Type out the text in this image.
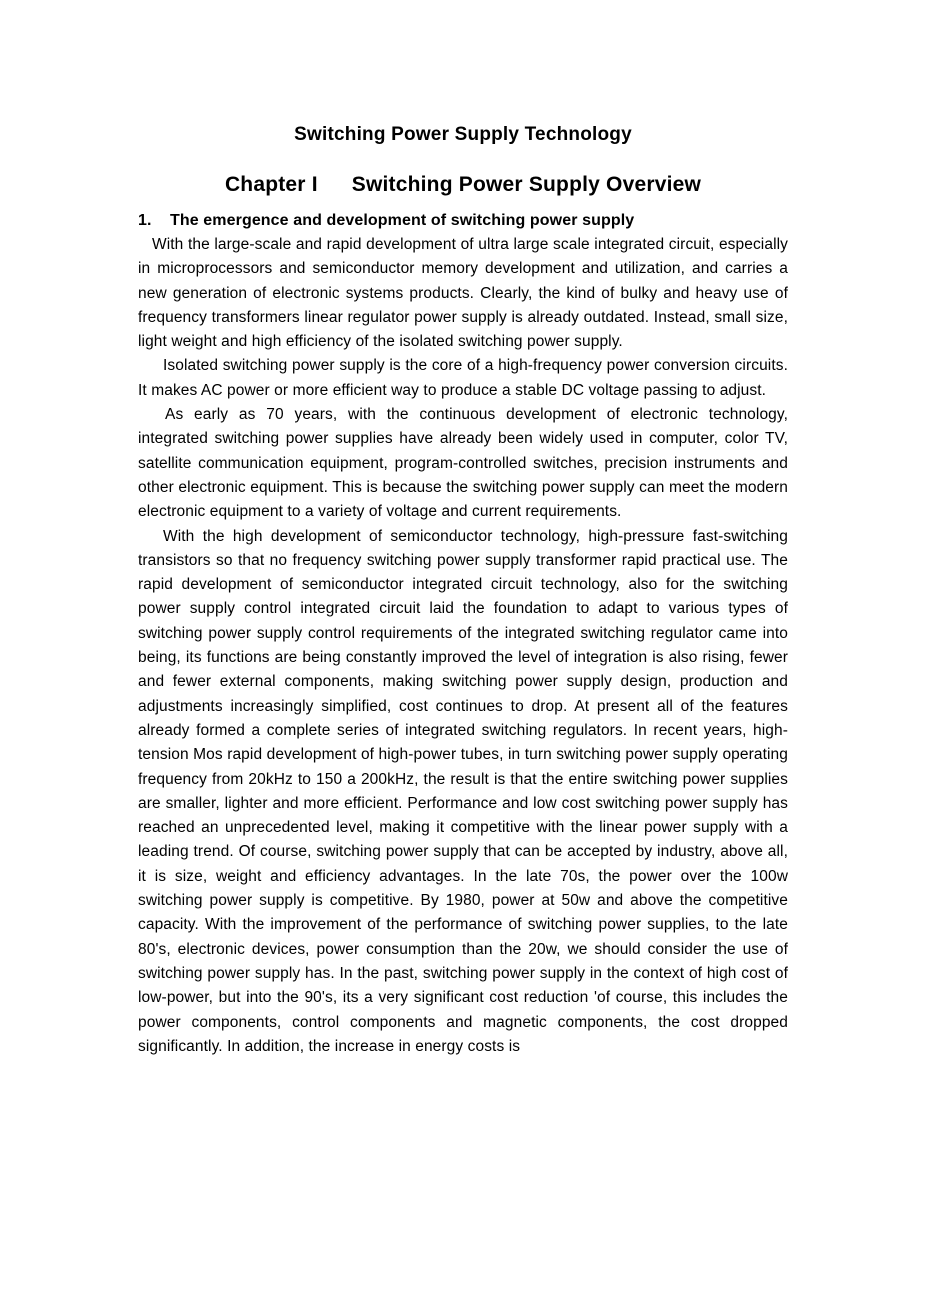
Switching Power Supply Technology
Chapter I Switching Power Supply Overview
1. The emergence and development of switching power supply

With the large-scale and rapid development of ultra large scale integrated circuit, especially in microprocessors and semiconductor memory development and utilization, and carries a new generation of electronic systems products. Clearly, the kind of bulky and heavy use of frequency transformers linear regulator power supply is already outdated. Instead, small size, light weight and high efficiency of the isolated switching power supply.

Isolated switching power supply is the core of a high-frequency power conversion circuits. It makes AC power or more efficient way to produce a stable DC voltage passing to adjust.

As early as 70 years, with the continuous development of electronic technology, integrated switching power supplies have already been widely used in computer, color TV, satellite communication equipment, program-controlled switches, precision instruments and other electronic equipment. This is because the switching power supply can meet the modern electronic equipment to a variety of voltage and current requirements.

With the high development of semiconductor technology, high-pressure fast-switching transistors so that no frequency switching power supply transformer rapid practical use. The rapid development of semiconductor integrated circuit technology, also for the switching power supply control integrated circuit laid the foundation to adapt to various types of switching power supply control requirements of the integrated switching regulator came into being, its functions are being constantly improved the level of integration is also rising, fewer and fewer external components, making switching power supply design, production and adjustments increasingly simplified, cost continues to drop. At present all of the features already formed a complete series of integrated switching regulators. In recent years, high-tension Mos rapid development of high-power tubes, in turn switching power supply operating frequency from 20kHz to 150 a 200kHz, the result is that the entire switching power supplies are smaller, lighter and more efficient. Performance and low cost switching power supply has reached an unprecedented level, making it competitive with the linear power supply with a leading trend. Of course, switching power supply that can be accepted by industry, above all, it is size, weight and efficiency advantages. In the late 70s, the power over the 100w switching power supply is competitive. By 1980, power at 50w and above the competitive capacity. With the improvement of the performance of switching power supplies, to the late 80's, electronic devices, power consumption than the 20w, we should consider the use of switching power supply has. In the past, switching power supply in the context of high cost of low-power, but into the 90's, its a very significant cost reduction 'of course, this includes the power components, control components and magnetic components, the cost dropped significantly. In addition, the increase in energy costs is
